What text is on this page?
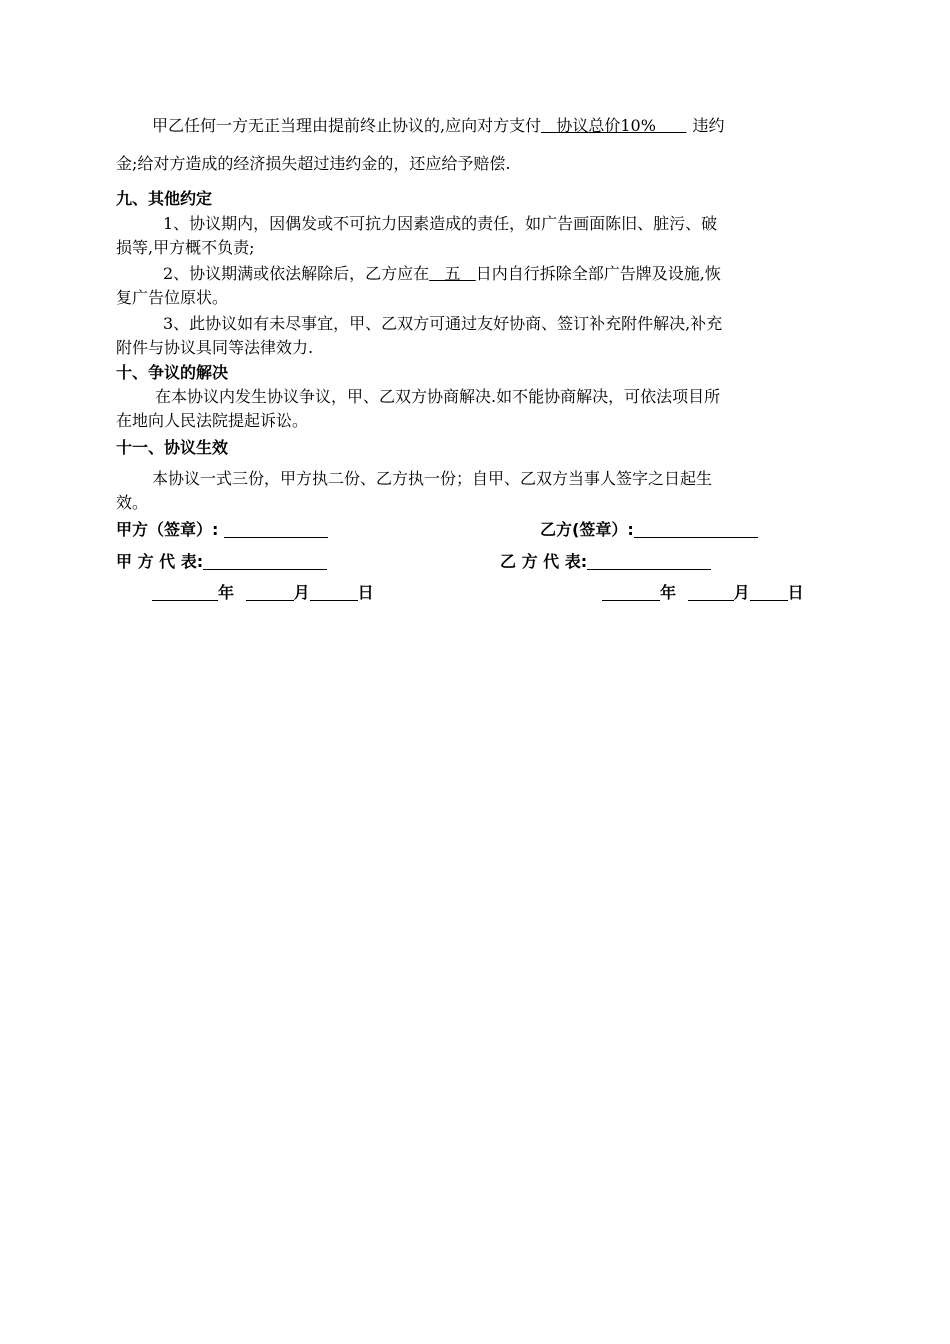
甲乙任何一方无正当理由提前终止协议的,应向对方支付 协议总价10% 违约
金;给对方造成的经济损失超过违约金的，还应给予赔偿.
九、其他约定
1、协议期内，因偶发或不可抗力因素造成的责任，如广告画面陈旧、脏污、破
损等,甲方概不负责;
2、协议期满或依法解除后，乙方应在 五 日内自行拆除全部广告牌及设施,恢
复广告位原状。
3、此协议如有未尽事宜，甲、乙双方可通过友好协商、签订补充附件解决,补充
附件与协议具同等法律效力.
十、争议的解决
在本协议内发生协议争议，甲、乙双方协商解决.如不能协商解决，可依法项目所
在地向人民法院提起诉讼。
十一、协议生效
本协议一式三份，甲方执二份、乙方执一份；自甲、乙双方当事人签字之日起生
效。
甲方（签章）:	乙方(签章）:
甲 方 代 表:	乙 方 代 表:
年	月	日	年	月 日
